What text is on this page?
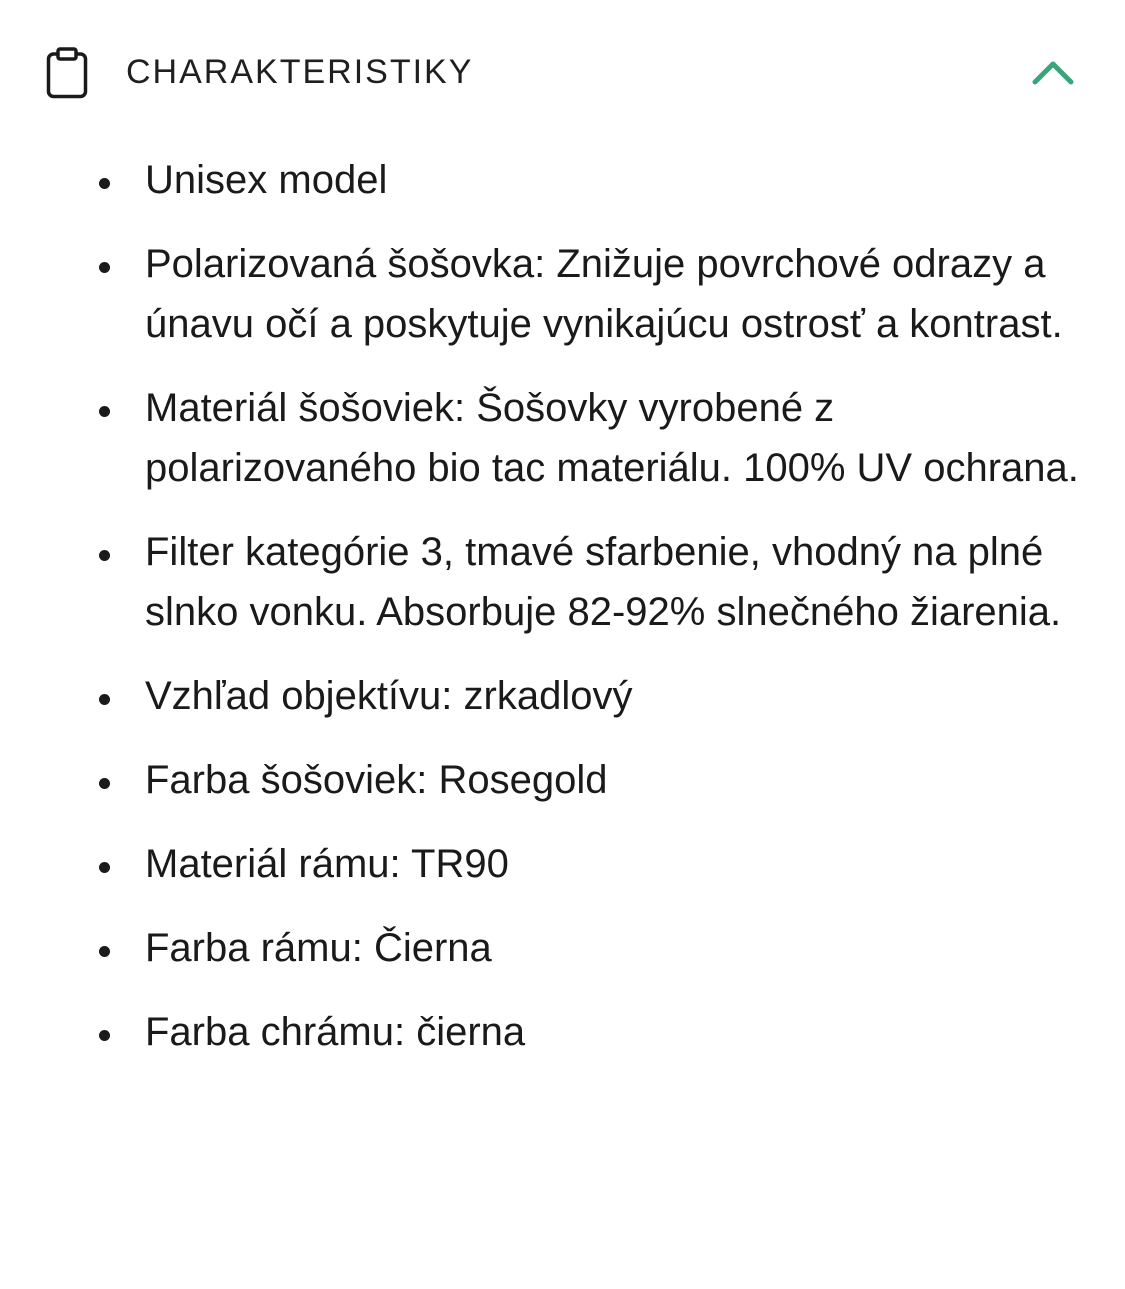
CHARAKTERISTIKY
Unisex model
Polarizovaná šošovka: Znižuje povrchové odrazy a únavu očí a poskytuje vynikajúcu ostrosť a kontrast.
Materiál šošoviek: Šošovky vyrobené z polarizovaného bio tac materiálu. 100% UV ochrana.
Filter kategórie 3, tmavé sfarbenie, vhodný na plné slnko vonku. Absorbuje 82-92% slnečného žiarenia.
Vzhľad objektívu: zrkadlový
Farba šošoviek: Rosegold
Materiál rámu: TR90
Farba rámu: Čierna
Farba chrámu: čierna
